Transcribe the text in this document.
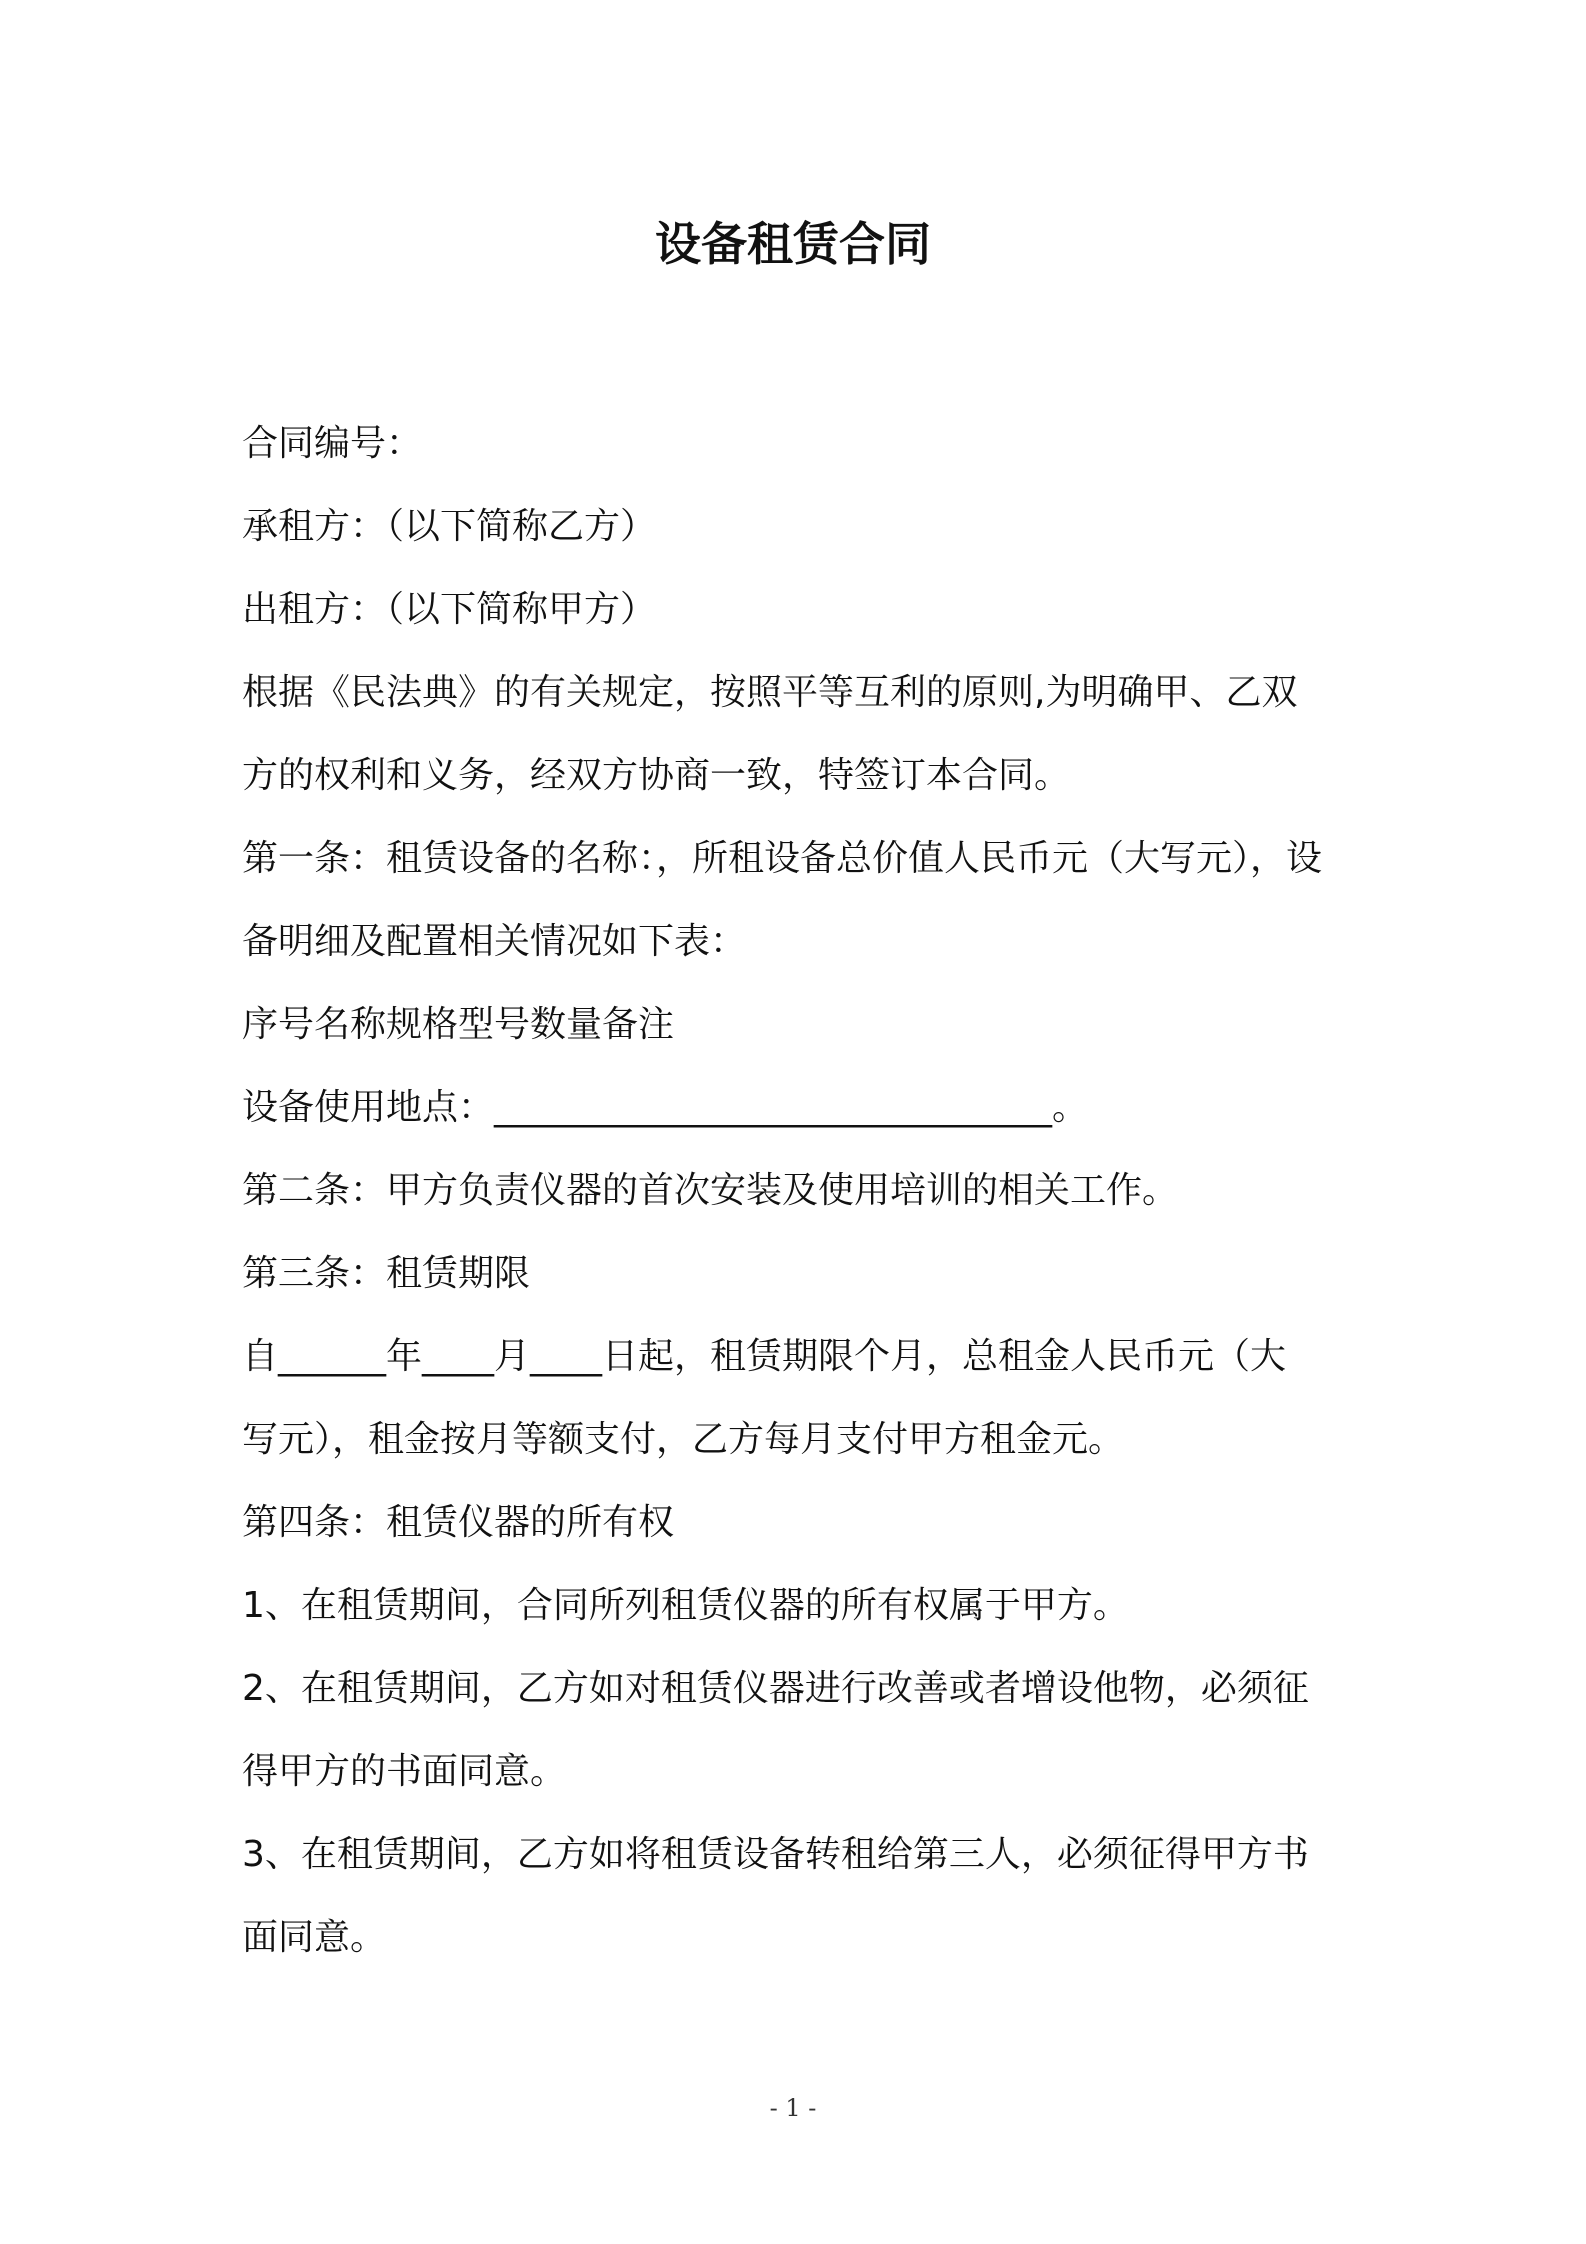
设备租赁合同
合同编号：
承租方：（以下简称乙方）
出租方：（以下简称甲方）
根据《民法典》的有关规定，按照平等互利的原则,为明确甲、乙双
方的权利和义务，经双方协商一致，特签订本合同。
第一条：租赁设备的名称：，所租设备总价值人民币元（大写元），设
备明细及配置相关情况如下表：
序号名称规格型号数量备注
设备使用地点：_______________________________。
第二条：甲方负责仪器的首次安装及使用培训的相关工作。
第三条：租赁期限
自______年____月____日起，租赁期限个月，总租金人民币元（大
写元），租金按月等额支付，乙方每月支付甲方租金元。
第四条：租赁仪器的所有权
1、在租赁期间，合同所列租赁仪器的所有权属于甲方。
2、在租赁期间，乙方如对租赁仪器进行改善或者增设他物，必须征
得甲方的书面同意。
3、在租赁期间，乙方如将租赁设备转租给第三人，必须征得甲方书
面同意。
- 1 -
